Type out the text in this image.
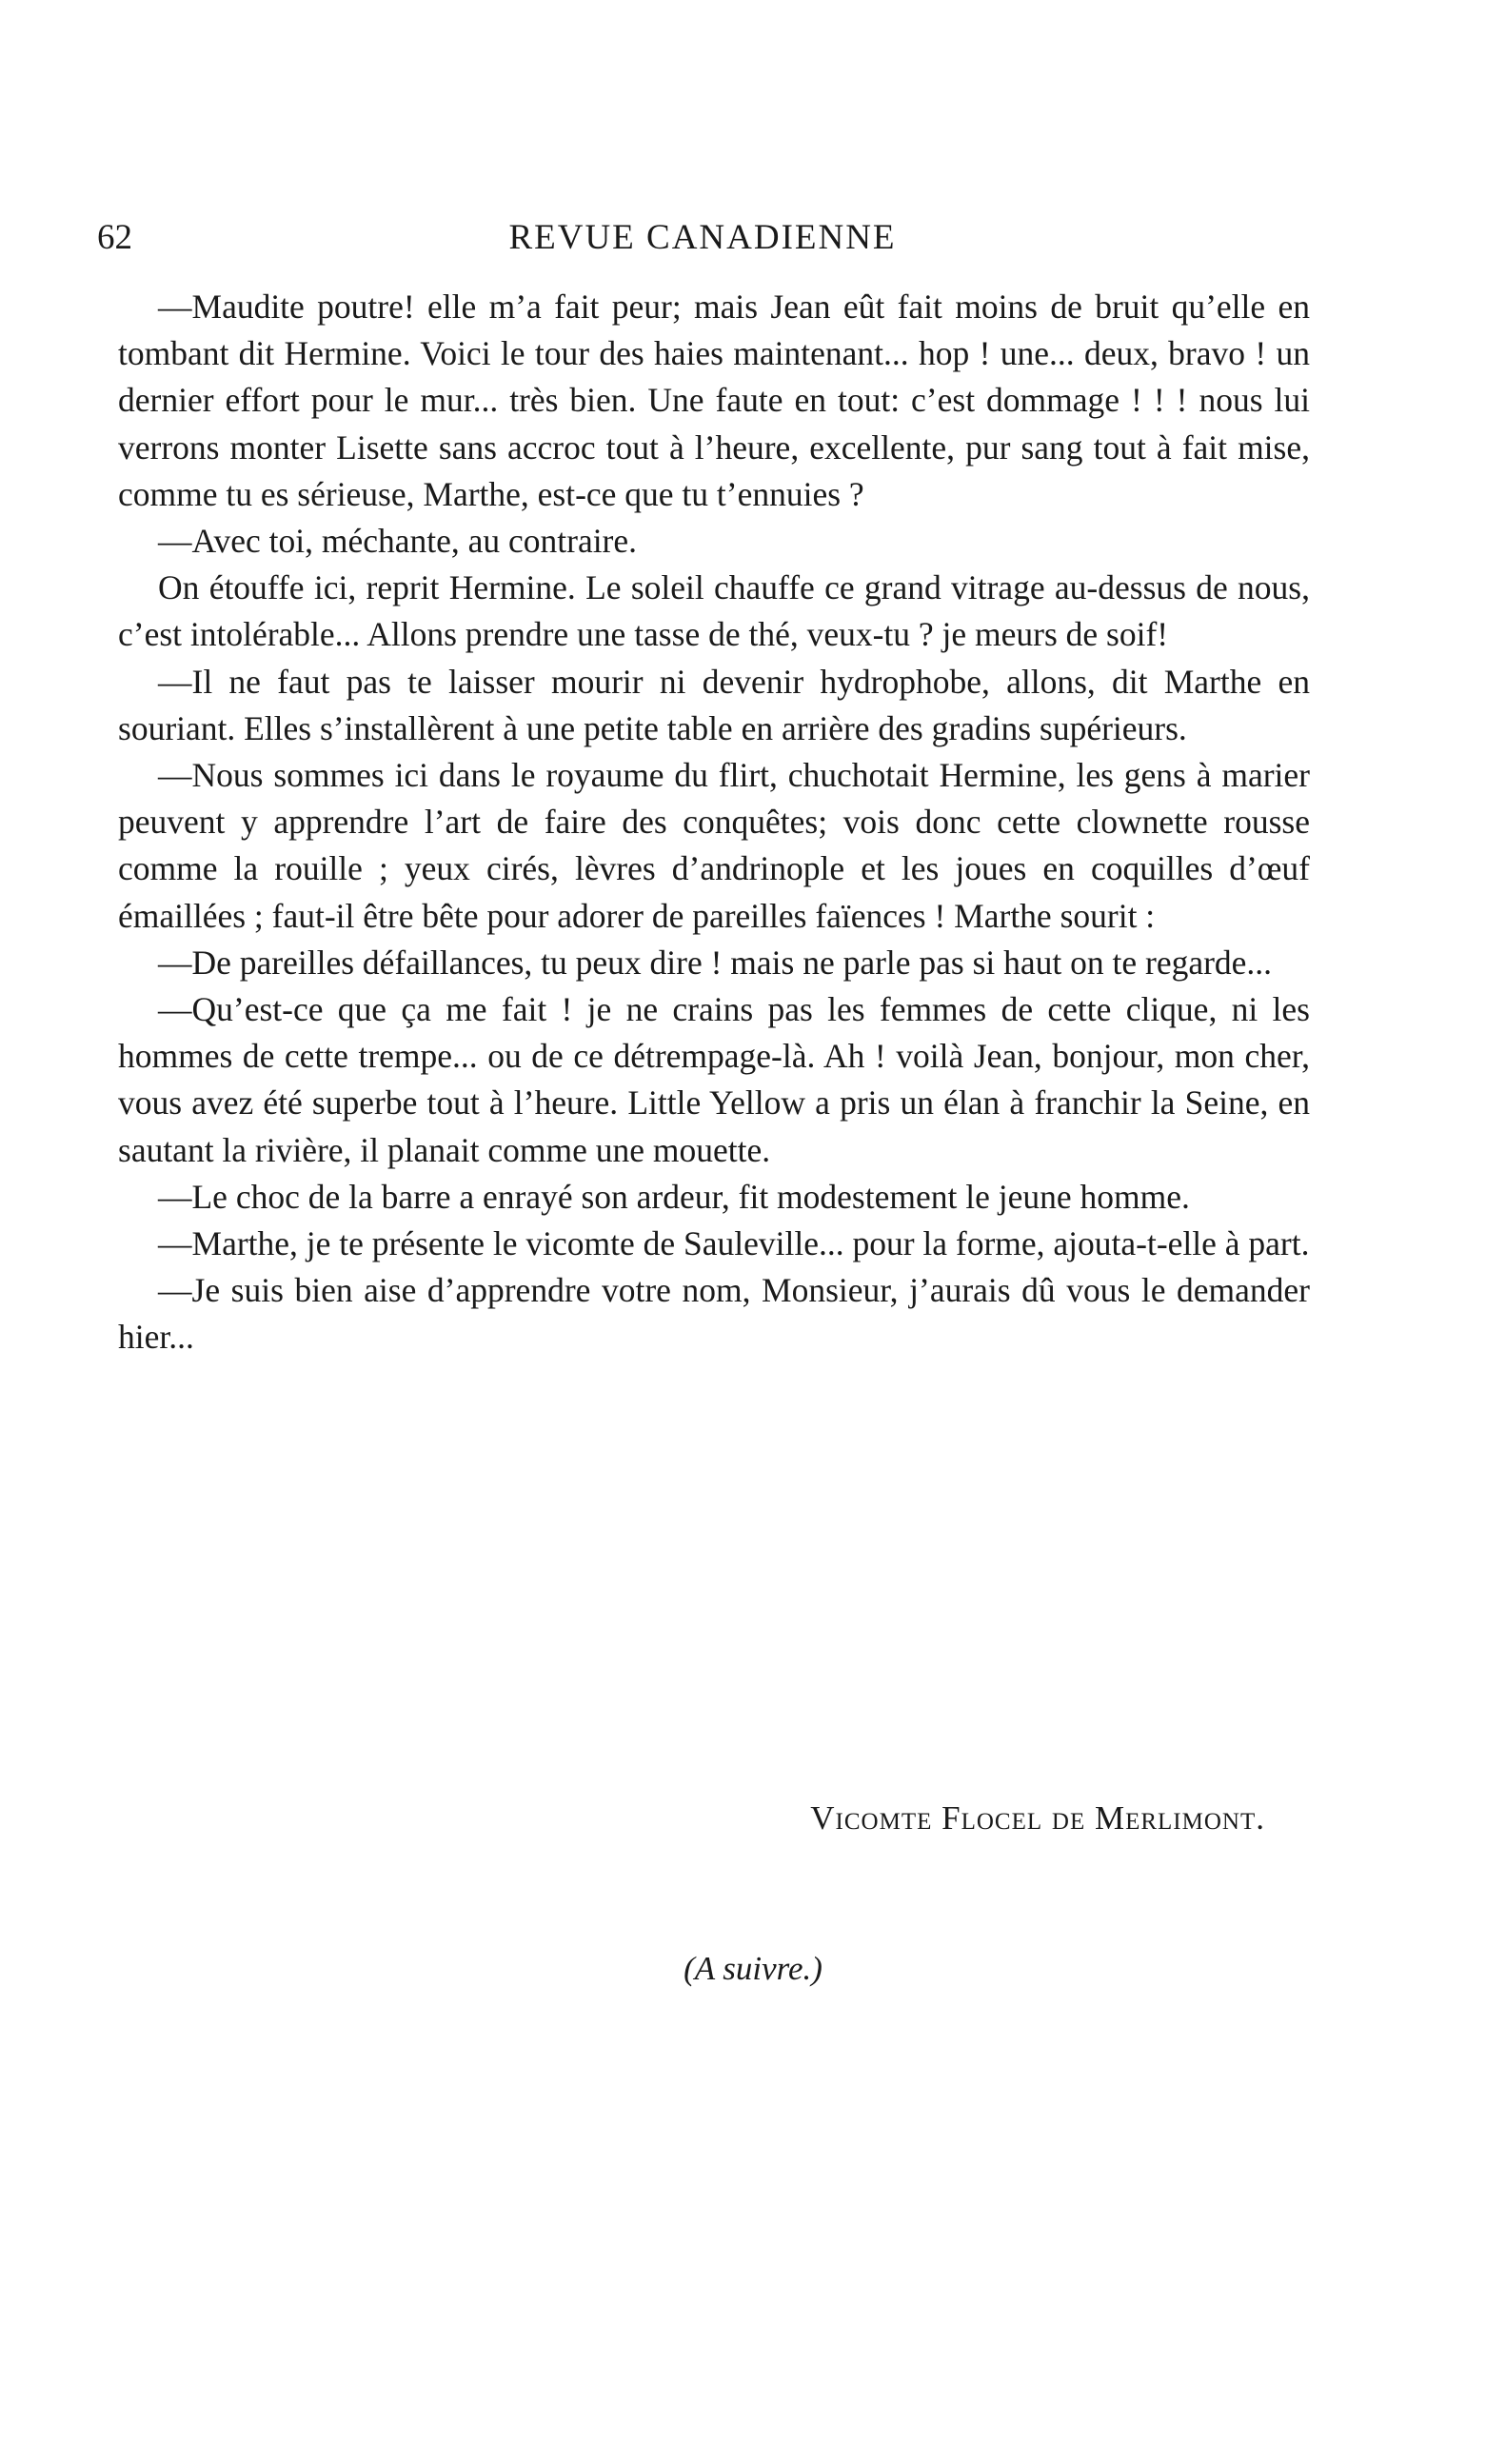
62	REVUE CANADIENNE

—Maudite poutre! elle m’a fait peur; mais Jean eût fait moins de bruit qu’elle en tombant dit Hermine. Voici le tour des haies maintenant... hop ! une... deux, bravo ! un dernier effort pour le mur... très bien. Une faute en tout: c’est dommage ! ! ! nous lui verrons monter Lisette sans accroc tout à l’heure, excellente, pur sang tout à fait mise, comme tu es sérieuse, Marthe, est-ce que tu t’ennuies ?

—Avec toi, méchante, au contraire.

On étouffe ici, reprit Hermine. Le soleil chauffe ce grand vitrage au-dessus de nous, c’est intolérable... Allons prendre une tasse de thé, veux-tu ? je meurs de soif!

—Il ne faut pas te laisser mourir ni devenir hydrophobe, allons, dit Marthe en souriant. Elles s’installèrent à une petite table en arrière des gradins supérieurs.

—Nous sommes ici dans le royaume du flirt, chuchotait Hermine, les gens à marier peuvent y apprendre l’art de faire des conquêtes; vois donc cette clownette rousse comme la rouille ; yeux cirés, lèvres d’andrinople et les joues en coquilles d’œuf émaillées ; faut-il être bête pour adorer de pareilles faïences ! Marthe sourit :

—De pareilles défaillances, tu peux dire ! mais ne parle pas si haut on te regarde...

—Qu’est-ce que ça me fait ! je ne crains pas les femmes de cette clique, ni les hommes de cette trempe... ou de ce détrempage-là. Ah ! voilà Jean, bonjour, mon cher, vous avez été superbe tout à l’heure. Little Yellow a pris un élan à franchir la Seine, en sautant la rivière, il planait comme une mouette.

—Le choc de la barre a enrayé son ardeur, fit modestement le jeune homme.

—Marthe, je te présente le vicomte de Sauleville... pour la forme, ajouta-t-elle à part.

—Je suis bien aise d’apprendre votre nom, Monsieur, j’aurais dû vous le demander hier...

Vicomte Flocel de Merlimont.
(A suivre.)
